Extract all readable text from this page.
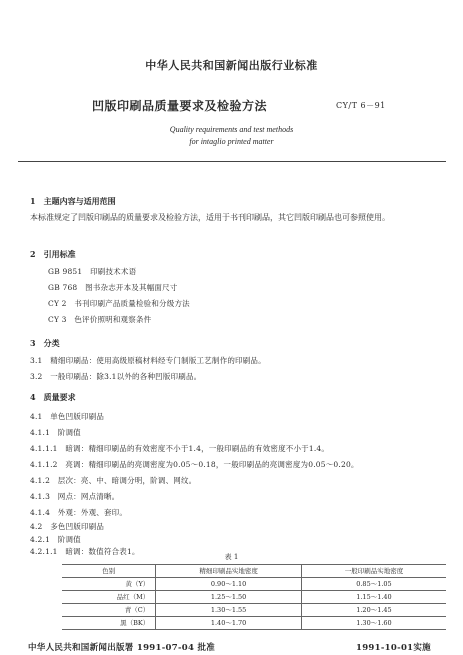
中华人民共和国新闻出版行业标准
凹版印刷品质量要求及检验方法	CY/T 6－91
Quality requirements and test methods
for intaglio printed matter
1　主题内容与适用范围
本标准规定了凹版印刷品的质量要求及检验方法，适用于书刊印刷品，其它凹版印刷品也可参照使用。
2　引用标准
GB 9851　印刷技术术语
GB 768　图书杂志开本及其幅面尺寸
CY 2　书刊印刷产品质量检验和分级方法
CY 3　色评价照明和观察条件
3　分类
3.1　精细印刷品：使用高级原稿材料经专门制版工艺制作的印刷品。
3.2　一般印刷品：除3.1以外的各种凹版印刷品。
4　质量要求
4.1　单色凹版印刷品
4.1.1　阶调值
4.1.1.1　暗调：精细印刷品的有效密度不小于1.4，一般印刷品的有效密度不小于1.4。
4.1.1.2　亮调：精细印刷品的亮调密度为0.05～0.18，一般印刷品的亮调密度为0.05～0.20。
4.1.2　层次：亮、中、暗调分明，阶调、网纹。
4.1.3　网点：网点清晰。
4.1.4　外观：外观、套印。
4.2　多色凹版印刷品
4.2.1　阶调值
4.2.1.1　暗调：数值符合表1。
表 1
色别	精细印刷品实地密度	一般印刷品实地密度
黄（Y）	0.90～1.10	0.85～1.05
品红（M）	1.25～1.50	1.15～1.40
青（C）	1.30～1.55	1.20～1.45
黑（BK）	1.40～1.70	1.30～1.60
中华人民共和国新闻出版署 1991-07-04 批准	1991-10-01实施
